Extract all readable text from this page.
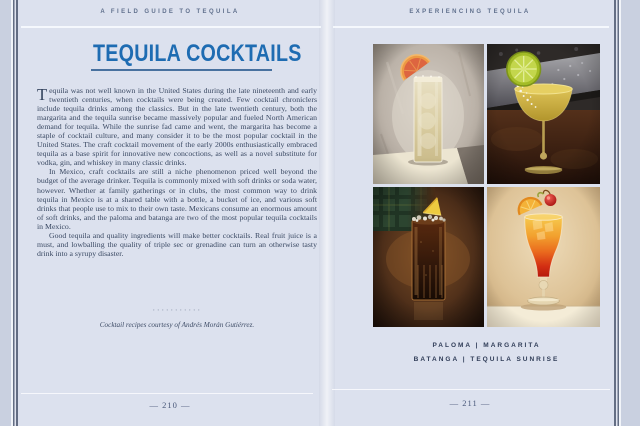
A FIELD GUIDE TO TEQUILA
TEQUILA COCKTAILS

Tequila was not well known in the United States during the late nineteenth and early twentieth centuries, when cocktails were being created. Few cocktail chroniclers include tequila drinks among the classics. But in the late twentieth century, both the margarita and the tequila sunrise became massively popular and fueled North American demand for tequila. While the sunrise fad came and went, the margarita has become a staple of cocktail culture, and many consider it to be the most popular cocktail in the United States. The craft cocktail movement of the early 2000s enthusiastically embraced tequila as a base spirit for innovative new concoctions, as well as a novel substitute for vodka, gin, and whiskey in many classic drinks.

In Mexico, craft cocktails are still a niche phenomenon priced well beyond the budget of the average drinker. Tequila is commonly mixed with soft drinks or soda water, however. Whether at family gatherings or in clubs, the most common way to drink tequila in Mexico is at a shared table with a bottle, a bucket of ice, and various soft drinks that people use to mix to their own taste. Mexicans consume an enormous amount of soft drinks, and the paloma and batanga are two of the most popular tequila cocktails in Mexico.

Good tequila and quality ingredients will make better cocktails. Real fruit juice is a must, and lowballing the quality of triple sec or grenadine can turn an otherwise tasty drink into a syrupy disaster.

···········
Cocktail recipes courtesy of Andrés Morán Gutiérrez.
— 210 —
EXPERIENCING TEQUILA
PALOMA | MARGARITA
BATANGA | TEQUILA SUNRISE
— 211 —
